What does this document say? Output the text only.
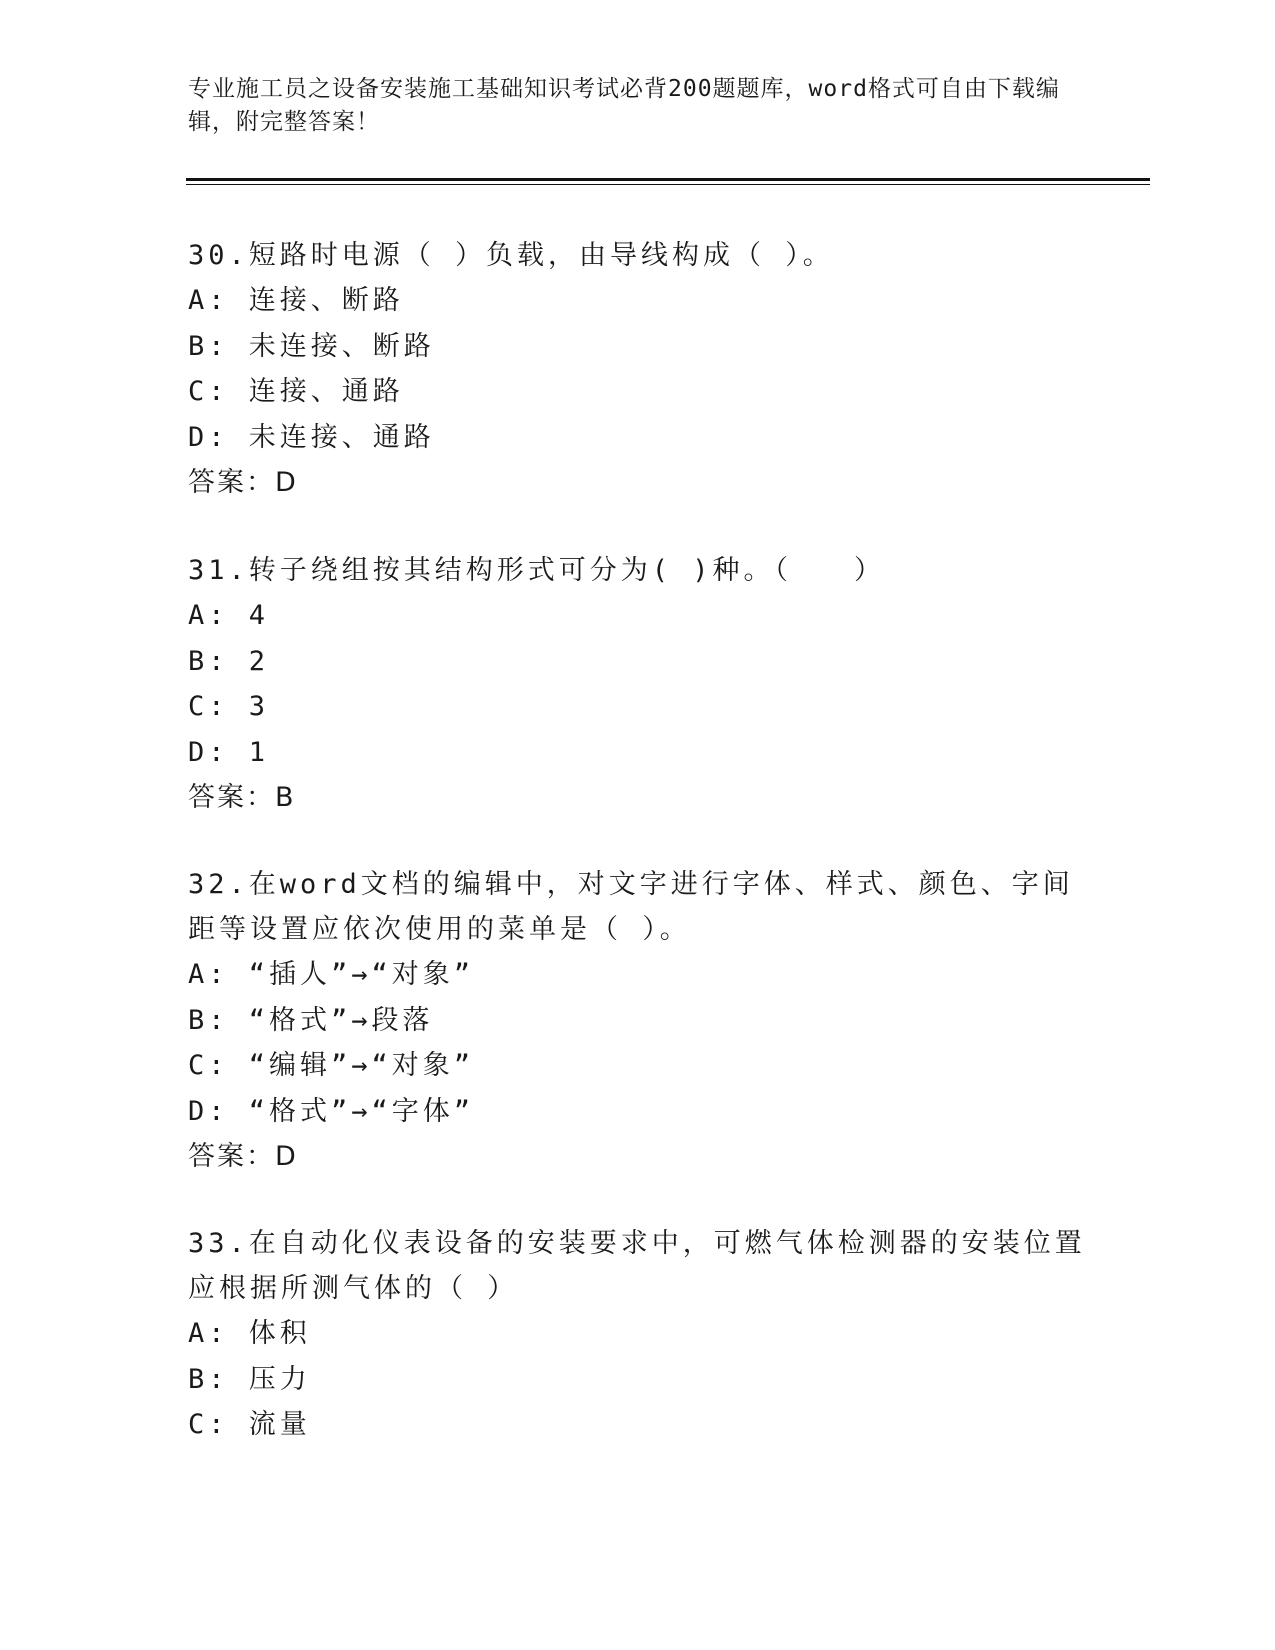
专业施工员之设备安装施工基础知识考试必背200题题库，word格式可自由下载编辑，附完整答案！
30.短路时电源（ ）负载，由导线构成（ ）。
A: 连接、断路
B: 未连接、断路
C: 连接、通路
D: 未连接、通路
答案：D
31.转子绕组按其结构形式可分为( )种。（　　）
A: 4
B: 2
C: 3
D: 1
答案：B
32.在word文档的编辑中，对文字进行字体、样式、颜色、字间距等设置应依次使用的菜单是（ ）。
A: “插人”→“对象”
B: “格式”→段落
C: “编辑”→“对象”
D: “格式”→“字体”
答案：D
33.在自动化仪表设备的安装要求中，可燃气体检测器的安装位置应根据所测气体的（ ）
A: 体积
B: 压力
C: 流量
